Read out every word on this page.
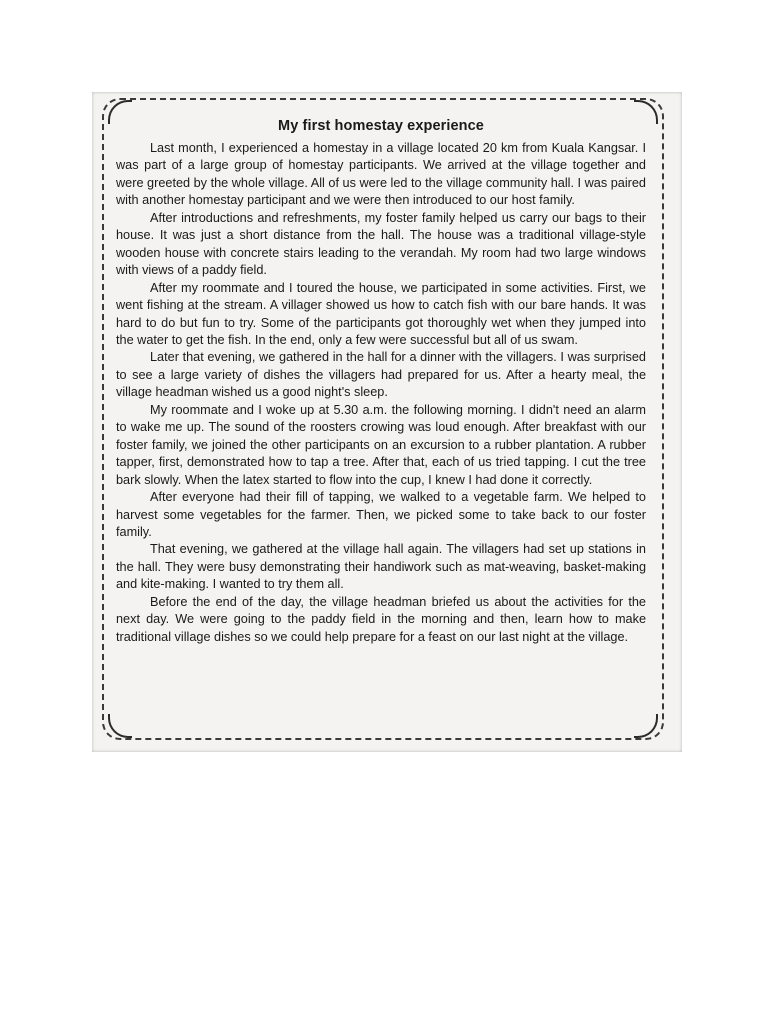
My first homestay experience

Last month, I experienced a homestay in a village located 20 km from Kuala Kangsar. I was part of a large group of homestay participants. We arrived at the village together and were greeted by the whole village. All of us were led to the village community hall. I was paired with another homestay participant and we were then introduced to our host family.

After introductions and refreshments, my foster family helped us carry our bags to their house. It was just a short distance from the hall. The house was a traditional village-style wooden house with concrete stairs leading to the verandah. My room had two large windows with views of a paddy field.

After my roommate and I toured the house, we participated in some activities. First, we went fishing at the stream. A villager showed us how to catch fish with our bare hands. It was hard to do but fun to try. Some of the participants got thoroughly wet when they jumped into the water to get the fish. In the end, only a few were successful but all of us swam.

Later that evening, we gathered in the hall for a dinner with the villagers. I was surprised to see a large variety of dishes the villagers had prepared for us. After a hearty meal, the village headman wished us a good night's sleep.

My roommate and I woke up at 5.30 a.m. the following morning. I didn't need an alarm to wake me up. The sound of the roosters crowing was loud enough. After breakfast with our foster family, we joined the other participants on an excursion to a rubber plantation. A rubber tapper, first, demonstrated how to tap a tree. After that, each of us tried tapping. I cut the tree bark slowly. When the latex started to flow into the cup, I knew I had done it correctly.

After everyone had their fill of tapping, we walked to a vegetable farm. We helped to harvest some vegetables for the farmer. Then, we picked some to take back to our foster family.

That evening, we gathered at the village hall again. The villagers had set up stations in the hall. They were busy demonstrating their handiwork such as mat-weaving, basket-making and kite-making. I wanted to try them all.

Before the end of the day, the village headman briefed us about the activities for the next day. We were going to the paddy field in the morning and then, learn how to make traditional village dishes so we could help prepare for a feast on our last night at the village.
